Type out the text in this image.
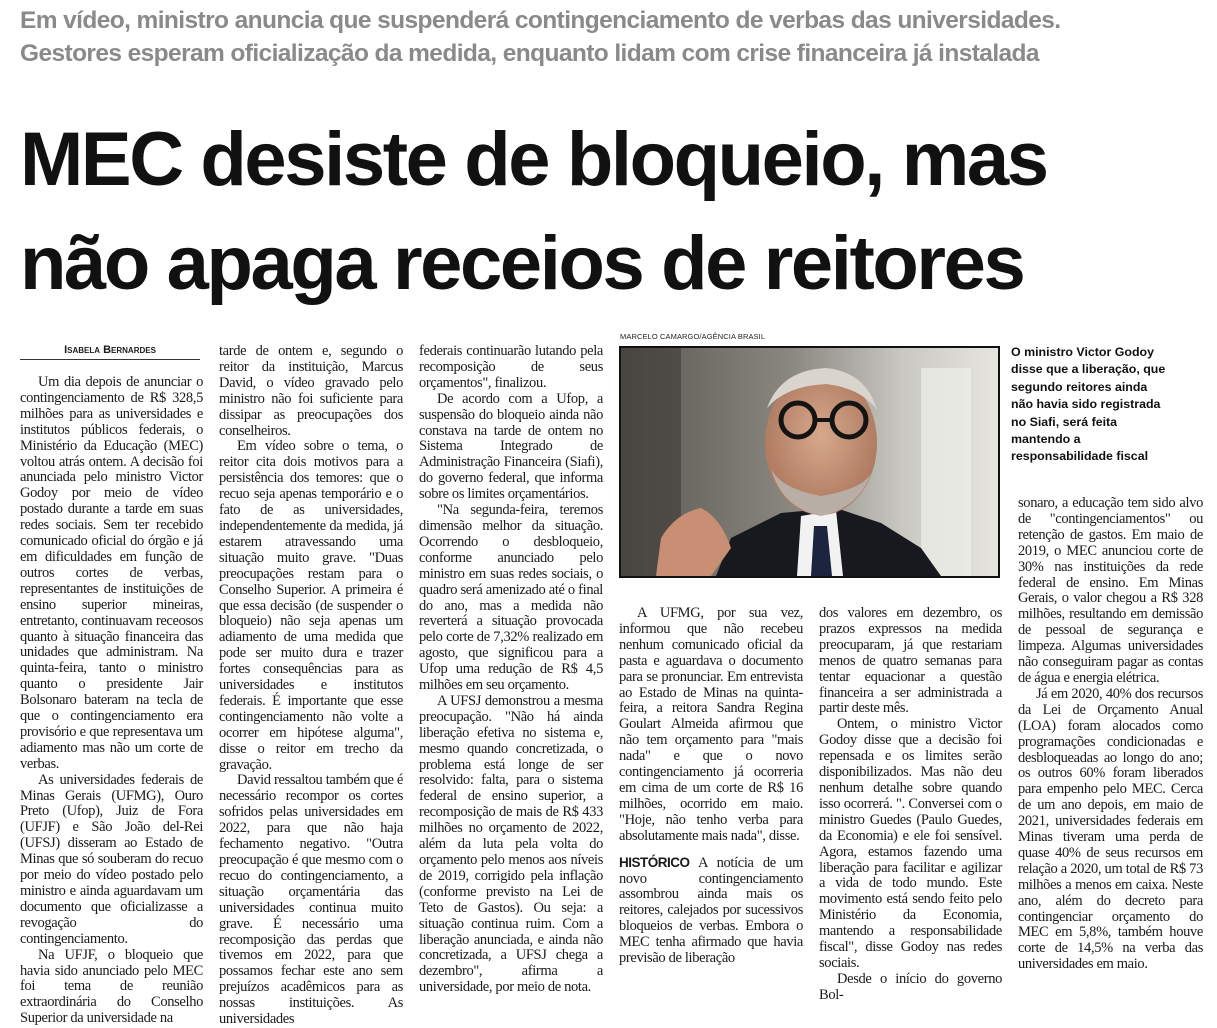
Em vídeo, ministro anuncia que suspenderá contingenciamento de verbas das universidades.
Gestores esperam oficialização da medida, enquanto lidam com crise financeira já instalada
MEC desiste de bloqueio, mas
não apaga receios de reitores
Isabela Bernardes

Um dia depois de anunciar o contingenciamento de R$ 328,5 milhões para as universidades e institutos públicos federais, o Ministério da Educação (MEC) voltou atrás ontem. A decisão foi anunciada pelo ministro Victor Godoy por meio de vídeo postado durante a tarde em suas redes sociais. Sem ter recebido comunicado oficial do órgão e já em dificuldades em função de outros cortes de verbas, representantes de instituições de ensino superior mineiras, entretanto, continuavam receosos quanto à situação financeira das unidades que administram. Na quinta-feira, tanto o ministro quanto o presidente Jair Bolsonaro bateram na tecla de que o contingenciamento era provisório e que representava um adiamento mas não um corte de verbas.

As universidades federais de Minas Gerais (UFMG), Ouro Preto (Ufop), Juiz de Fora (UFJF) e São João del-Rei (UFSJ) disseram ao Estado de Minas que só souberam do recuo por meio do vídeo postado pelo ministro e ainda aguardavam um documento que oficializasse a revogação do contingenciamento.

Na UFJF, o bloqueio que havia sido anunciado pelo MEC foi tema de reunião extraordinária do Conselho Superior da universidade na

tarde de ontem e, segundo o reitor da instituição, Marcus David, o vídeo gravado pelo ministro não foi suficiente para dissipar as preocupações dos conselheiros.

Em vídeo sobre o tema, o reitor cita dois motivos para a persistência dos temores: que o recuo seja apenas temporário e o fato de as universidades, independentemente da medida, já estarem atravessando uma situação muito grave. "Duas preocupações restam para o Conselho Superior. A primeira é que essa decisão (de suspender o bloqueio) não seja apenas um adiamento de uma medida que pode ser muito dura e trazer fortes consequências para as universidades e institutos federais. É importante que esse contingenciamento não volte a ocorrer em hipótese alguma", disse o reitor em trecho da gravação.

David ressaltou também que é necessário recompor os cortes sofridos pelas universidades em 2022, para que não haja fechamento negativo. "Outra preocupação é que mesmo com o recuo do contingenciamento, a situação orçamentária das universidades continua muito grave. É necessário uma recomposição das perdas que tivemos em 2022, para que possamos fechar este ano sem prejuízos acadêmicos para as nossas instituições. As universidades

federais continuarão lutando pela recomposição de seus orçamentos", finalizou.

De acordo com a Ufop, a suspensão do bloqueio ainda não constava na tarde de ontem no Sistema Integrado de Administração Financeira (Siafi), do governo federal, que informa sobre os limites orçamentários.

"Na segunda-feira, teremos dimensão melhor da situação. Ocorrendo o desbloqueio, conforme anunciado pelo ministro em suas redes sociais, o quadro será amenizado até o final do ano, mas a medida não reverterá a situação provocada pelo corte de 7,32% realizado em agosto, que significou para a Ufop uma redução de R$ 4,5 milhões em seu orçamento.

A UFSJ demonstrou a mesma preocupação. "Não há ainda liberação efetiva no sistema e, mesmo quando concretizada, o problema está longe de ser resolvido: falta, para o sistema federal de ensino superior, a recomposição de mais de R$ 433 milhões no orçamento de 2022, além da luta pela volta do orçamento pelo menos aos níveis de 2019, corrigido pela inflação (conforme previsto na Lei de Teto de Gastos). Ou seja: a situação continua ruim. Com a liberação anunciada, e ainda não concretizada, a UFSJ chega a dezembro", afirma a universidade, por meio de nota.

MARCELO CAMARGO/AGÊNCIA BRASIL
O ministro Victor Godoy
disse que a liberação, que
segundo reitores ainda
não havia sido registrada
no Siafi, será feita
mantendo a
responsabilidade fiscal

A UFMG, por sua vez, informou que não recebeu nenhum comunicado oficial da pasta e aguardava o documento para se pronunciar. Em entrevista ao Estado de Minas na quinta-feira, a reitora Sandra Regina Goulart Almeida afirmou que não tem orçamento para "mais nada" e que o novo contingenciamento já ocorreria em cima de um corte de R$ 16 milhões, ocorrido em maio. "Hoje, não tenho verba para absolutamente mais nada", disse.

HISTÓRICO A notícia de um novo contingenciamento assombrou ainda mais os reitores, calejados por sucessivos bloqueios de verbas. Embora o MEC tenha afirmado que havia previsão de liberação

dos valores em dezembro, os prazos expressos na medida preocuparam, já que restariam menos de quatro semanas para tentar equacionar a questão financeira a ser administrada a partir deste mês.

Ontem, o ministro Victor Godoy disse que a decisão foi repensada e os limites serão disponibilizados. Mas não deu nenhum detalhe sobre quando isso ocorrerá. ". Conversei com o ministro Guedes (Paulo Guedes, da Economia) e ele foi sensível. Agora, estamos fazendo uma liberação para facilitar e agilizar a vida de todo mundo. Este movimento está sendo feito pelo Ministério da Economia, mantendo a responsabilidade fiscal", disse Godoy nas redes sociais.

Desde o início do governo Bol-

sonaro, a educação tem sido alvo de "contingenciamentos" ou retenção de gastos. Em maio de 2019, o MEC anunciou corte de 30% nas instituições da rede federal de ensino. Em Minas Gerais, o valor chegou a R$ 328 milhões, resultando em demissão de pessoal de segurança e limpeza. Algumas universidades não conseguiram pagar as contas de água e energia elétrica.

Já em 2020, 40% dos recursos da Lei de Orçamento Anual (LOA) foram alocados como programações condicionadas e desbloqueadas ao longo do ano; os outros 60% foram liberados para empenho pelo MEC. Cerca de um ano depois, em maio de 2021, universidades federais em Minas tiveram uma perda de quase 40% de seus recursos em relação a 2020, um total de R$ 73 milhões a menos em caixa. Neste ano, além do decreto para contingenciar orçamento do MEC em 5,8%, também houve corte de 14,5% na verba das universidades em maio.
